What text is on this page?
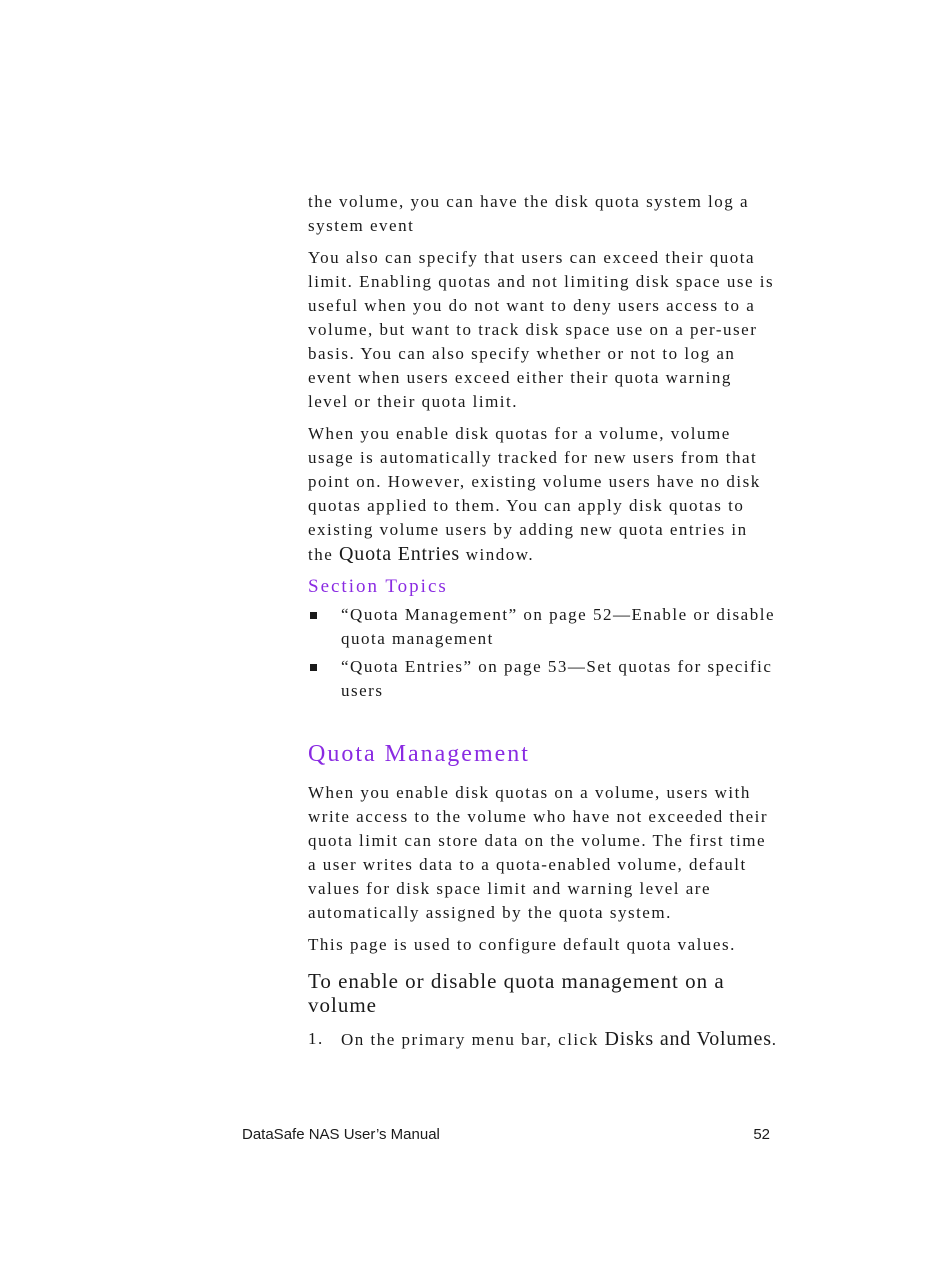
the volume, you can have the disk quota system log a system event

You also can specify that users can exceed their quota limit. Enabling quotas and not limiting disk space use is useful when you do not want to deny users access to a volume, but want to track disk space use on a per-user basis. You can also specify whether or not to log an event when users exceed either their quota warning level or their quota limit.

When you enable disk quotas for a volume, volume usage is automatically tracked for new users from that point on. However, existing volume users have no disk quotas applied to them. You can apply disk quotas to existing volume users by adding new quota entries in the Quota Entries window.

Section Topics
“Quota Management” on page 52—Enable or disable quota management
“Quota Entries” on page 53—Set quotas for specific users
Quota Management

When you enable disk quotas on a volume, users with write access to the volume who have not exceeded their quota limit can store data on the volume. The first time a user writes data to a quota-enabled volume, default values for disk space limit and warning level are automatically assigned by the quota system.

This page is used to configure default quota values.

To enable or disable quota management on a volume
1. On the primary menu bar, click Disks and Volumes.
DataSafe NAS User’s Manual	52
